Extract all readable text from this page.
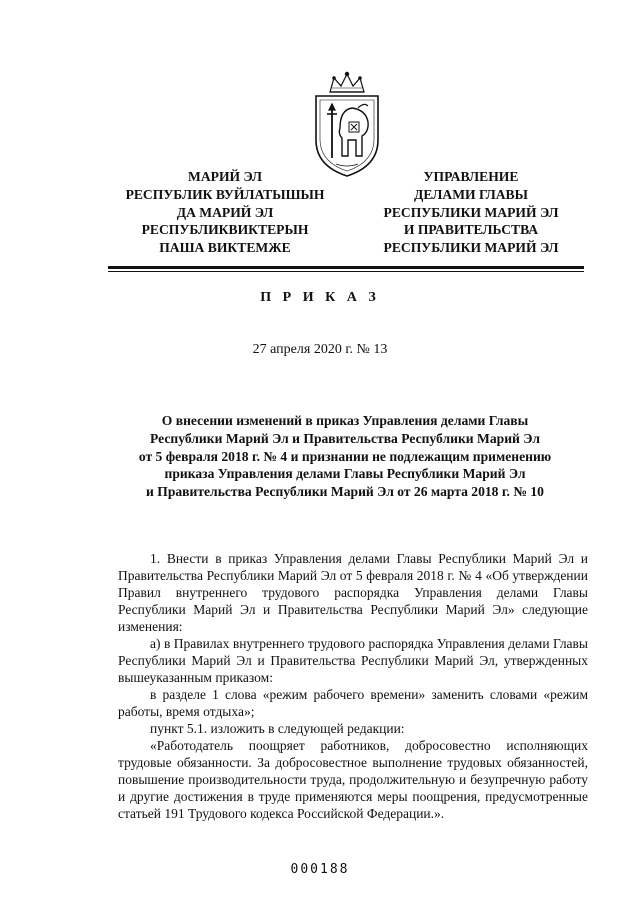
МАРИЙ ЭЛ
РЕСПУБЛИК ВУЙЛАТЫШЫН
ДА МАРИЙ ЭЛ
РЕСПУБЛИКВИКТЕРЫН
ПАША ВИКТЕМЖЕ
УПРАВЛЕНИЕ
ДЕЛАМИ ГЛАВЫ
РЕСПУБЛИКИ МАРИЙ ЭЛ
И ПРАВИТЕЛЬСТВА
РЕСПУБЛИКИ МАРИЙ ЭЛ
П Р И К А З
27 апреля 2020 г. № 13
О внесении изменений в приказ Управления делами Главы
Республики Марий Эл и Правительства Республики Марий Эл
от 5 февраля 2018 г. № 4 и признании не подлежащим применению
приказа Управления делами Главы Республики Марий Эл
и Правительства Республики Марий Эл от 26 марта 2018 г. № 10

1. Внести в приказ Управления делами Главы Республики Марий Эл и Правительства Республики Марий Эл от 5 февраля 2018 г. № 4 «Об утверждении Правил внутреннего трудового распорядка Управления делами Главы Республики Марий Эл и Правительства Республики Марий Эл» следующие изменения:

а) в Правилах внутреннего трудового распорядка Управления делами Главы Республики Марий Эл и Правительства Республики Марий Эл, утвержденных вышеуказанным приказом:

в разделе 1 слова «режим рабочего времени» заменить словами «режим работы, время отдыха»;

пункт 5.1. изложить в следующей редакции:

«Работодатель поощряет работников, добросовестно исполняющих трудовые обязанности. За добросовестное выполнение трудовых обязанностей, повышение производительности труда, продолжительную и безупречную работу и другие достижения в труде применяются меры поощрения, предусмотренные статьей 191 Трудового кодекса Российской Федерации.».

000188
